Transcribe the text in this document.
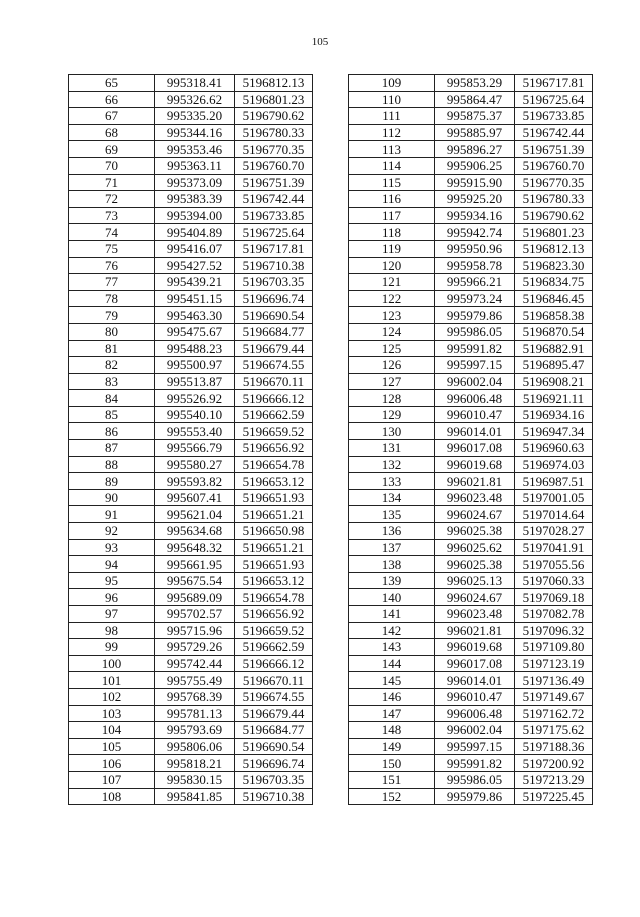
105
65	995318.41	5196812.13
66	995326.62	5196801.23
67	995335.20	5196790.62
68	995344.16	5196780.33
69	995353.46	5196770.35
70	995363.11	5196760.70
71	995373.09	5196751.39
72	995383.39	5196742.44
73	995394.00	5196733.85
74	995404.89	5196725.64
75	995416.07	5196717.81
76	995427.52	5196710.38
77	995439.21	5196703.35
78	995451.15	5196696.74
79	995463.30	5196690.54
80	995475.67	5196684.77
81	995488.23	5196679.44
82	995500.97	5196674.55
83	995513.87	5196670.11
84	995526.92	5196666.12
85	995540.10	5196662.59
86	995553.40	5196659.52
87	995566.79	5196656.92
88	995580.27	5196654.78
89	995593.82	5196653.12
90	995607.41	5196651.93
91	995621.04	5196651.21
92	995634.68	5196650.98
93	995648.32	5196651.21
94	995661.95	5196651.93
95	995675.54	5196653.12
96	995689.09	5196654.78
97	995702.57	5196656.92
98	995715.96	5196659.52
99	995729.26	5196662.59
100	995742.44	5196666.12
101	995755.49	5196670.11
102	995768.39	5196674.55
103	995781.13	5196679.44
104	995793.69	5196684.77
105	995806.06	5196690.54
106	995818.21	5196696.74
107	995830.15	5196703.35
108	995841.85	5196710.38
109	995853.29	5196717.81
110	995864.47	5196725.64
111	995875.37	5196733.85
112	995885.97	5196742.44
113	995896.27	5196751.39
114	995906.25	5196760.70
115	995915.90	5196770.35
116	995925.20	5196780.33
117	995934.16	5196790.62
118	995942.74	5196801.23
119	995950.96	5196812.13
120	995958.78	5196823.30
121	995966.21	5196834.75
122	995973.24	5196846.45
123	995979.86	5196858.38
124	995986.05	5196870.54
125	995991.82	5196882.91
126	995997.15	5196895.47
127	996002.04	5196908.21
128	996006.48	5196921.11
129	996010.47	5196934.16
130	996014.01	5196947.34
131	996017.08	5196960.63
132	996019.68	5196974.03
133	996021.81	5196987.51
134	996023.48	5197001.05
135	996024.67	5197014.64
136	996025.38	5197028.27
137	996025.62	5197041.91
138	996025.38	5197055.56
139	996025.13	5197060.33
140	996024.67	5197069.18
141	996023.48	5197082.78
142	996021.81	5197096.32
143	996019.68	5197109.80
144	996017.08	5197123.19
145	996014.01	5197136.49
146	996010.47	5197149.67
147	996006.48	5197162.72
148	996002.04	5197175.62
149	995997.15	5197188.36
150	995991.82	5197200.92
151	995986.05	5197213.29
152	995979.86	5197225.45
